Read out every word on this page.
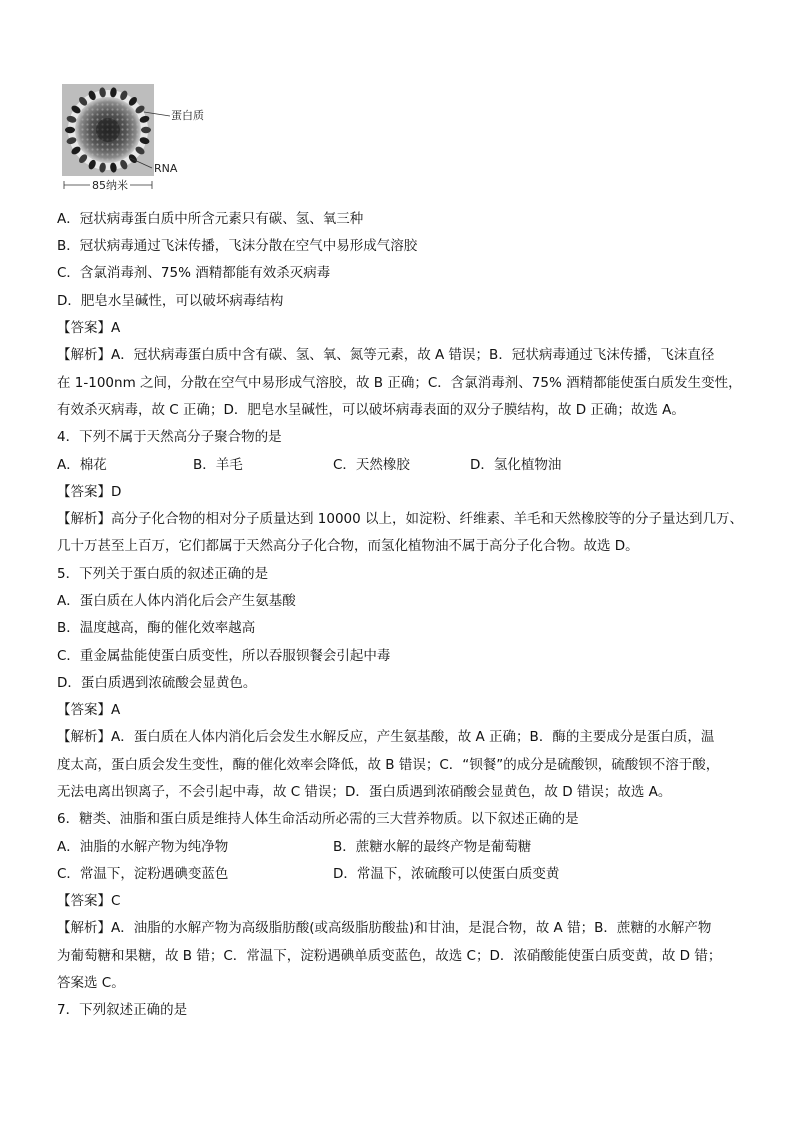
蛋白质
RNA
85纳米
A．冠状病毒蛋白质中所含元素只有碳、氢、氧三种
B．冠状病毒通过飞沫传播，飞沫分散在空气中易形成气溶胶
C．含氯消毒剂、75% 酒精都能有效杀灭病毒
D．肥皂水呈碱性，可以破坏病毒结构
【答案】A
【解析】A．冠状病毒蛋白质中含有碳、氢、氧、氮等元素，故 A 错误；B．冠状病毒通过飞沫传播，飞沫直径
在 1-100nm 之间，分散在空气中易形成气溶胶，故 B 正确；C．含氯消毒剂、75% 酒精都能使蛋白质发生变性，
有效杀灭病毒，故 C 正确；D．肥皂水呈碱性，可以破坏病毒表面的双分子膜结构，故 D 正确；故选 A。
4．下列不属于天然高分子聚合物的是
A．棉花	B．羊毛	C．天然橡胶	D．氢化植物油
【答案】D
【解析】高分子化合物的相对分子质量达到 10000 以上，如淀粉、纤维素、羊毛和天然橡胶等的分子量达到几万、
几十万甚至上百万，它们都属于天然高分子化合物，而氢化植物油不属于高分子化合物。故选 D。
5．下列关于蛋白质的叙述正确的是
A．蛋白质在人体内消化后会产生氨基酸
B．温度越高，酶的催化效率越高
C．重金属盐能使蛋白质变性，所以吞服钡餐会引起中毒
D．蛋白质遇到浓硫酸会显黄色。
【答案】A
【解析】A．蛋白质在人体内消化后会发生水解反应，产生氨基酸，故 A 正确；B．酶的主要成分是蛋白质，温
度太高，蛋白质会发生变性，酶的催化效率会降低，故 B 错误；C．“钡餐”的成分是硫酸钡，硫酸钡不溶于酸，
无法电离出钡离子，不会引起中毒，故 C 错误；D．蛋白质遇到浓硝酸会显黄色，故 D 错误；故选 A。
6．糖类、油脂和蛋白质是维持人体生命活动所必需的三大营养物质。以下叙述正确的是
A．油脂的水解产物为纯净物	B．蔗糖水解的最终产物是葡萄糖
C．常温下，淀粉遇碘变蓝色	D．常温下，浓硫酸可以使蛋白质变黄
【答案】C
【解析】A．油脂的水解产物为高级脂肪酸(或高级脂肪酸盐)和甘油，是混合物，故 A 错；B．蔗糖的水解产物
为葡萄糖和果糖，故 B 错；C．常温下，淀粉遇碘单质变蓝色，故选 C；D．浓硝酸能使蛋白质变黄，故 D 错；
答案选 C。
7．下列叙述正确的是
